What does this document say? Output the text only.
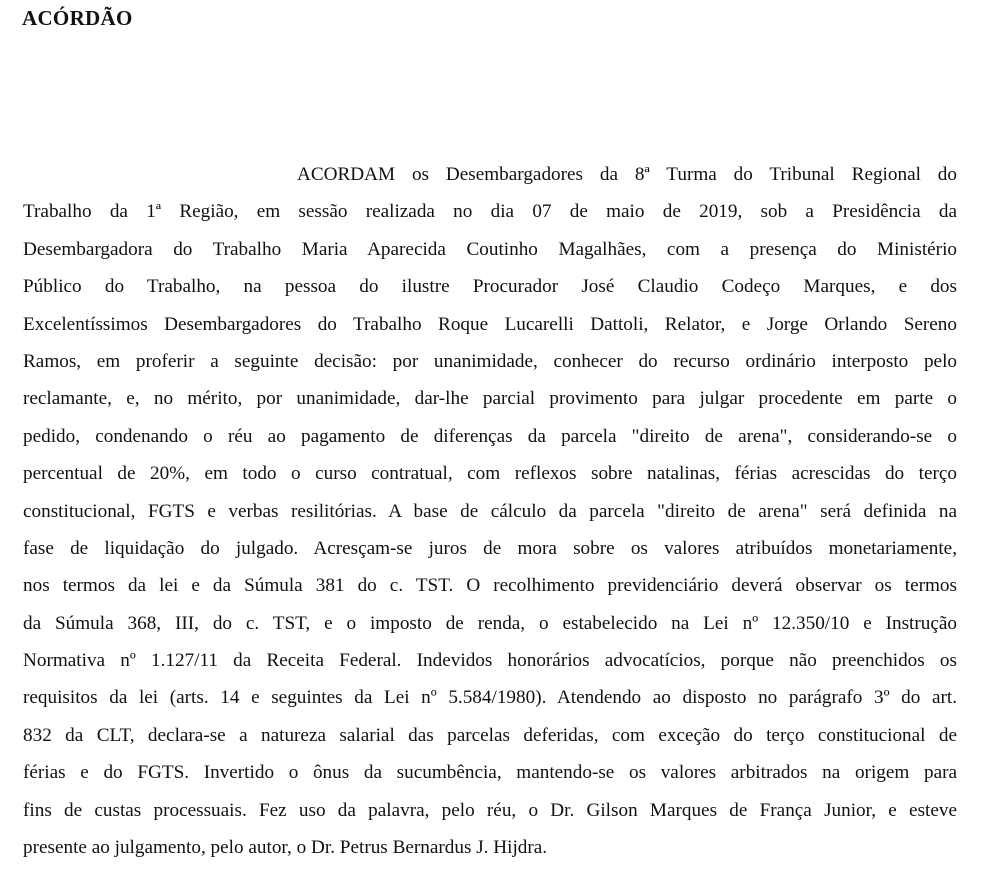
ACÓRDÃO
ACORDAM os Desembargadores da 8ª Turma do Tribunal Regional do
Trabalho da 1ª Região, em sessão realizada no dia 07 de maio de 2019, sob a Presidência da
Desembargadora do Trabalho Maria Aparecida Coutinho Magalhães, com a presença do Ministério
Público do Trabalho, na pessoa do ilustre Procurador José Claudio Codeço Marques, e dos
Excelentíssimos Desembargadores do Trabalho Roque Lucarelli Dattoli, Relator, e Jorge Orlando Sereno
Ramos, em proferir a seguinte decisão: por unanimidade, conhecer do recurso ordinário interposto pelo
reclamante, e, no mérito, por unanimidade, dar-lhe parcial provimento para julgar procedente em parte o
pedido, condenando o réu ao pagamento de diferenças da parcela "direito de arena", considerando-se o
percentual de 20%, em todo o curso contratual, com reflexos sobre natalinas, férias acrescidas do terço
constitucional, FGTS e verbas resilitórias. A base de cálculo da parcela "direito de arena" será definida na
fase de liquidação do julgado. Acresçam-se juros de mora sobre os valores atribuídos monetariamente,
nos termos da lei e da Súmula 381 do c. TST. O recolhimento previdenciário deverá observar os termos
da Súmula 368, III, do c. TST, e o imposto de renda, o estabelecido na Lei nº 12.350/10 e Instrução
Normativa nº 1.127/11 da Receita Federal. Indevidos honorários advocatícios, porque não preenchidos os
requisitos da lei (arts. 14 e seguintes da Lei nº 5.584/1980). Atendendo ao disposto no parágrafo 3º do art.
832 da CLT, declara-se a natureza salarial das parcelas deferidas, com exceção do terço constitucional de
férias e do FGTS. Invertido o ônus da sucumbência, mantendo-se os valores arbitrados na origem para
fins de custas processuais. Fez uso da palavra, pelo réu, o Dr. Gilson Marques de França Junior, e esteve
presente ao julgamento, pelo autor, o Dr. Petrus Bernardus J. Hijdra.
